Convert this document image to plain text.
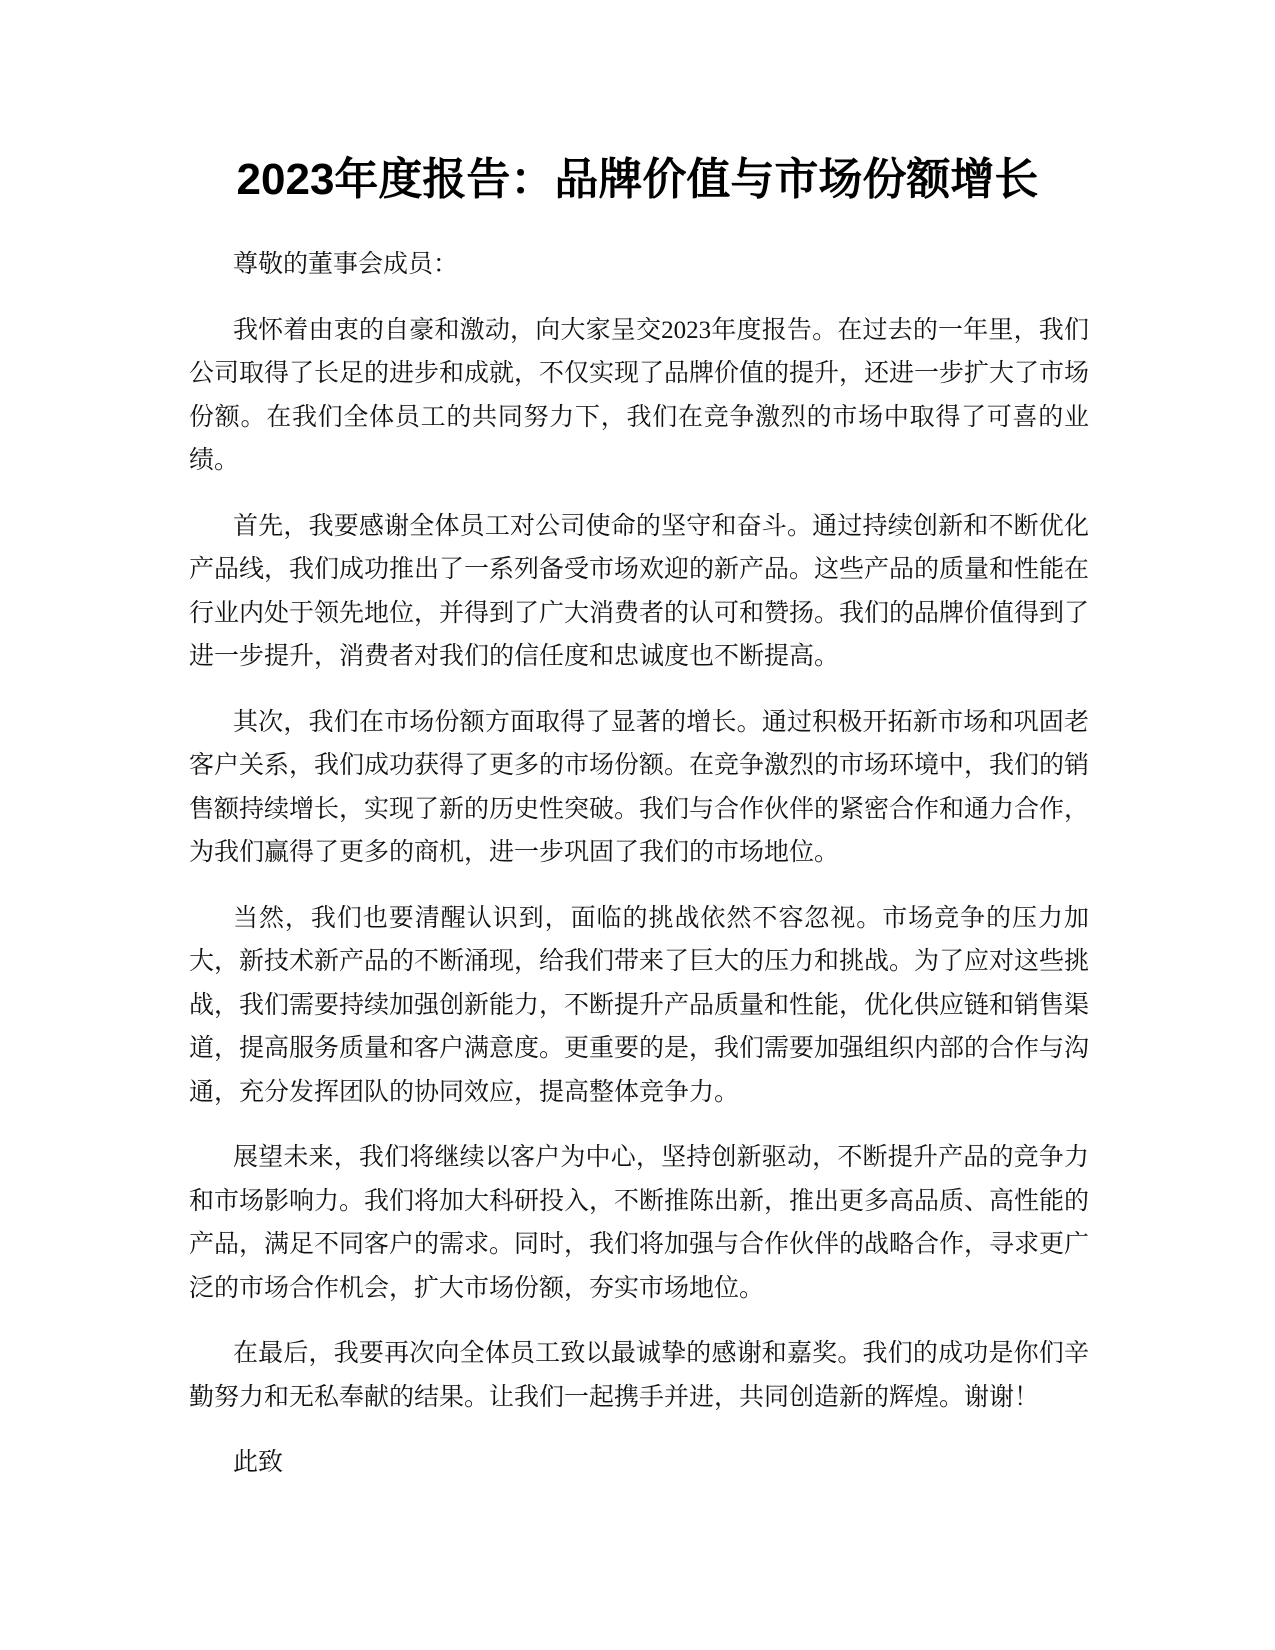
2023年度报告：品牌价值与市场份额增长

尊敬的董事会成员：

我怀着由衷的自豪和激动，向大家呈交2023年度报告。在过去的一年里，我们公司取得了长足的进步和成就，不仅实现了品牌价值的提升，还进一步扩大了市场份额。在我们全体员工的共同努力下，我们在竞争激烈的市场中取得了可喜的业绩。

首先，我要感谢全体员工对公司使命的坚守和奋斗。通过持续创新和不断优化产品线，我们成功推出了一系列备受市场欢迎的新产品。这些产品的质量和性能在行业内处于领先地位，并得到了广大消费者的认可和赞扬。我们的品牌价值得到了进一步提升，消费者对我们的信任度和忠诚度也不断提高。

其次，我们在市场份额方面取得了显著的增长。通过积极开拓新市场和巩固老客户关系，我们成功获得了更多的市场份额。在竞争激烈的市场环境中，我们的销售额持续增长，实现了新的历史性突破。我们与合作伙伴的紧密合作和通力合作，为我们赢得了更多的商机，进一步巩固了我们的市场地位。

当然，我们也要清醒认识到，面临的挑战依然不容忽视。市场竞争的压力加大，新技术新产品的不断涌现，给我们带来了巨大的压力和挑战。为了应对这些挑战，我们需要持续加强创新能力，不断提升产品质量和性能，优化供应链和销售渠道，提高服务质量和客户满意度。更重要的是，我们需要加强组织内部的合作与沟通，充分发挥团队的协同效应，提高整体竞争力。

展望未来，我们将继续以客户为中心，坚持创新驱动，不断提升产品的竞争力和市场影响力。我们将加大科研投入，不断推陈出新，推出更多高品质、高性能的产品，满足不同客户的需求。同时，我们将加强与合作伙伴的战略合作，寻求更广泛的市场合作机会，扩大市场份额，夯实市场地位。

在最后，我要再次向全体员工致以最诚挚的感谢和嘉奖。我们的成功是你们辛勤努力和无私奉献的结果。让我们一起携手并进，共同创造新的辉煌。谢谢！

此致
